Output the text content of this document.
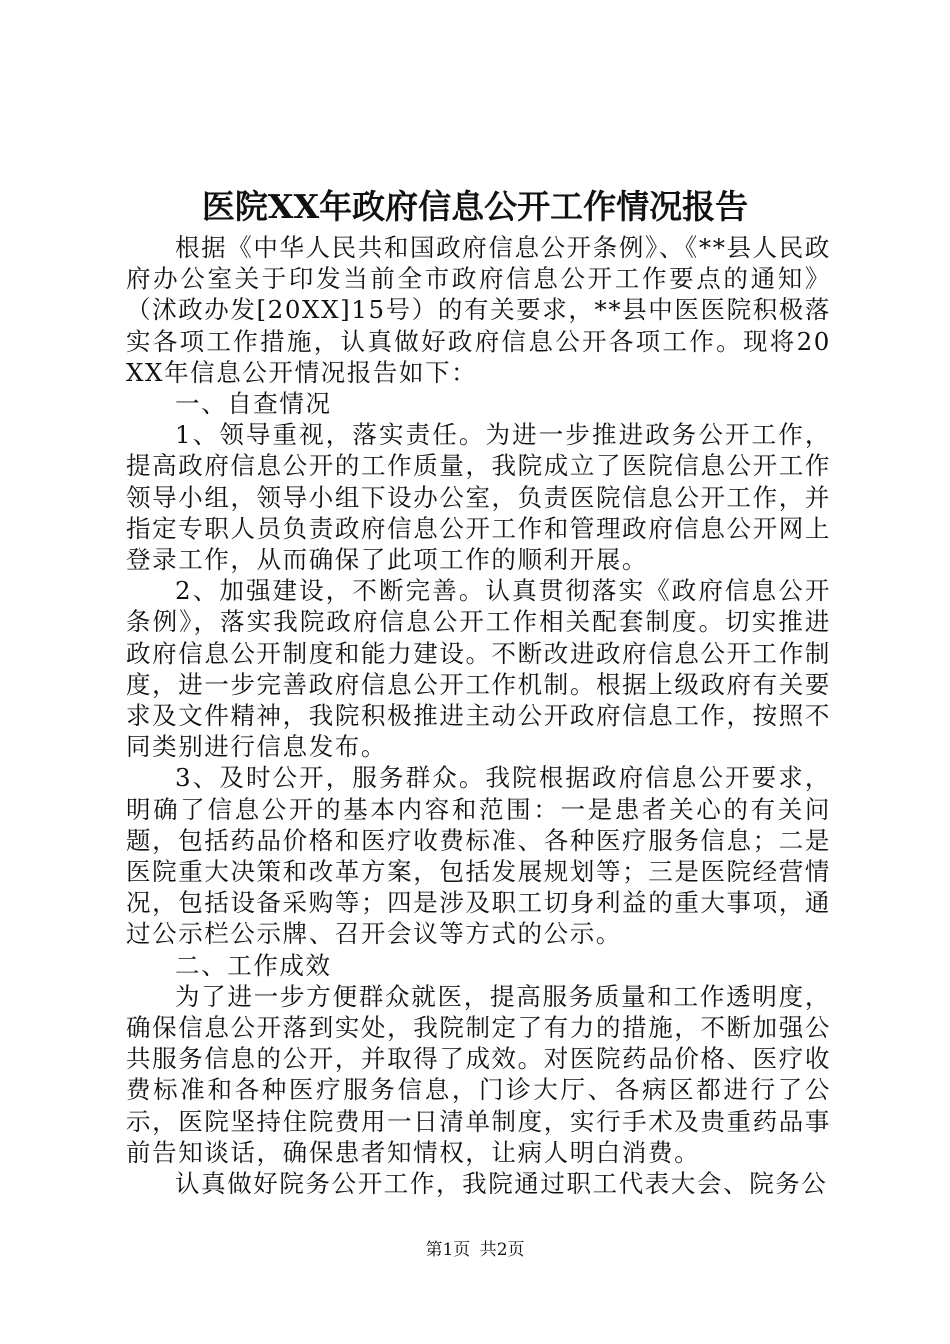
医院XX年政府信息公开工作情况报告

根据《中华人民共和国政府信息公开条例》、《**县人民政府办公室关于印发当前全市政府信息公开工作要点的通知》（沭政办发[20XX]15号）的有关要求，**县中医医院积极落实各项工作措施，认真做好政府信息公开各项工作。现将20XX年信息公开情况报告如下：

一、自查情况

1、领导重视，落实责任。为进一步推进政务公开工作，提高政府信息公开的工作质量，我院成立了医院信息公开工作领导小组，领导小组下设办公室，负责医院信息公开工作，并指定专职人员负责政府信息公开工作和管理政府信息公开网上登录工作，从而确保了此项工作的顺利开展。

2、加强建设，不断完善。认真贯彻落实《政府信息公开条例》，落实我院政府信息公开工作相关配套制度。切实推进政府信息公开制度和能力建设。不断改进政府信息公开工作制度，进一步完善政府信息公开工作机制。根据上级政府有关要求及文件精神，我院积极推进主动公开政府信息工作，按照不同类别进行信息发布。

3、及时公开，服务群众。我院根据政府信息公开要求，明确了信息公开的基本内容和范围：一是患者关心的有关问题，包括药品价格和医疗收费标准、各种医疗服务信息；二是医院重大决策和改革方案，包括发展规划等；三是医院经营情况，包括设备采购等；四是涉及职工切身利益的重大事项，通过公示栏公示牌、召开会议等方式的公示。

二、工作成效

为了进一步方便群众就医，提高服务质量和工作透明度，确保信息公开落到实处，我院制定了有力的措施，不断加强公共服务信息的公开，并取得了成效。对医院药品价格、医疗收费标准和各种医疗服务信息，门诊大厅、各病区都进行了公示，医院坚持住院费用一日清单制度，实行手术及贵重药品事前告知谈话，确保患者知情权，让病人明白消费。

认真做好院务公开工作，我院通过职工代表大会、院务公

第1页 共2页
